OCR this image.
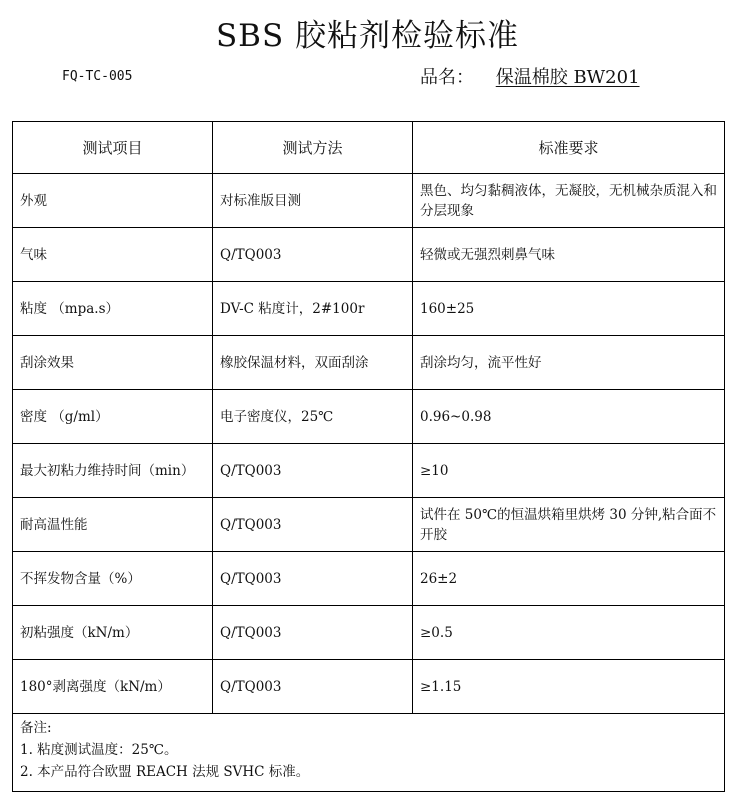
SBS 胶粘剂检验标准
FQ-TC-005	品名： 保温棉胶 BW201
测试项目	测试方法	标准要求
外观	对标准版目测	黑色、均匀黏稠液体，无凝胶，无机械杂质混入和分层现象
气味	Q/TQ003	轻微或无强烈刺鼻气味
粘度 （mpa.s）	DV-C 粘度计，2#100r	160±25
刮涂效果	橡胶保温材料，双面刮涂	刮涂均匀，流平性好
密度 （g/ml）	电子密度仪，25℃	0.96~0.98
最大初粘力维持时间（min）	Q/TQ003	≥10
耐高温性能	Q/TQ003	试件在 50℃的恒温烘箱里烘烤 30 分钟,粘合面不开胶
不挥发物含量（%）	Q/TQ003	26±2
初粘强度（kN/m）	Q/TQ003	≥0.5
180°剥离强度（kN/m）	Q/TQ003	≥1.15

备注:
1. 粘度测试温度：25℃。
2. 本产品符合欧盟 REACH 法规 SVHC 标准。		
